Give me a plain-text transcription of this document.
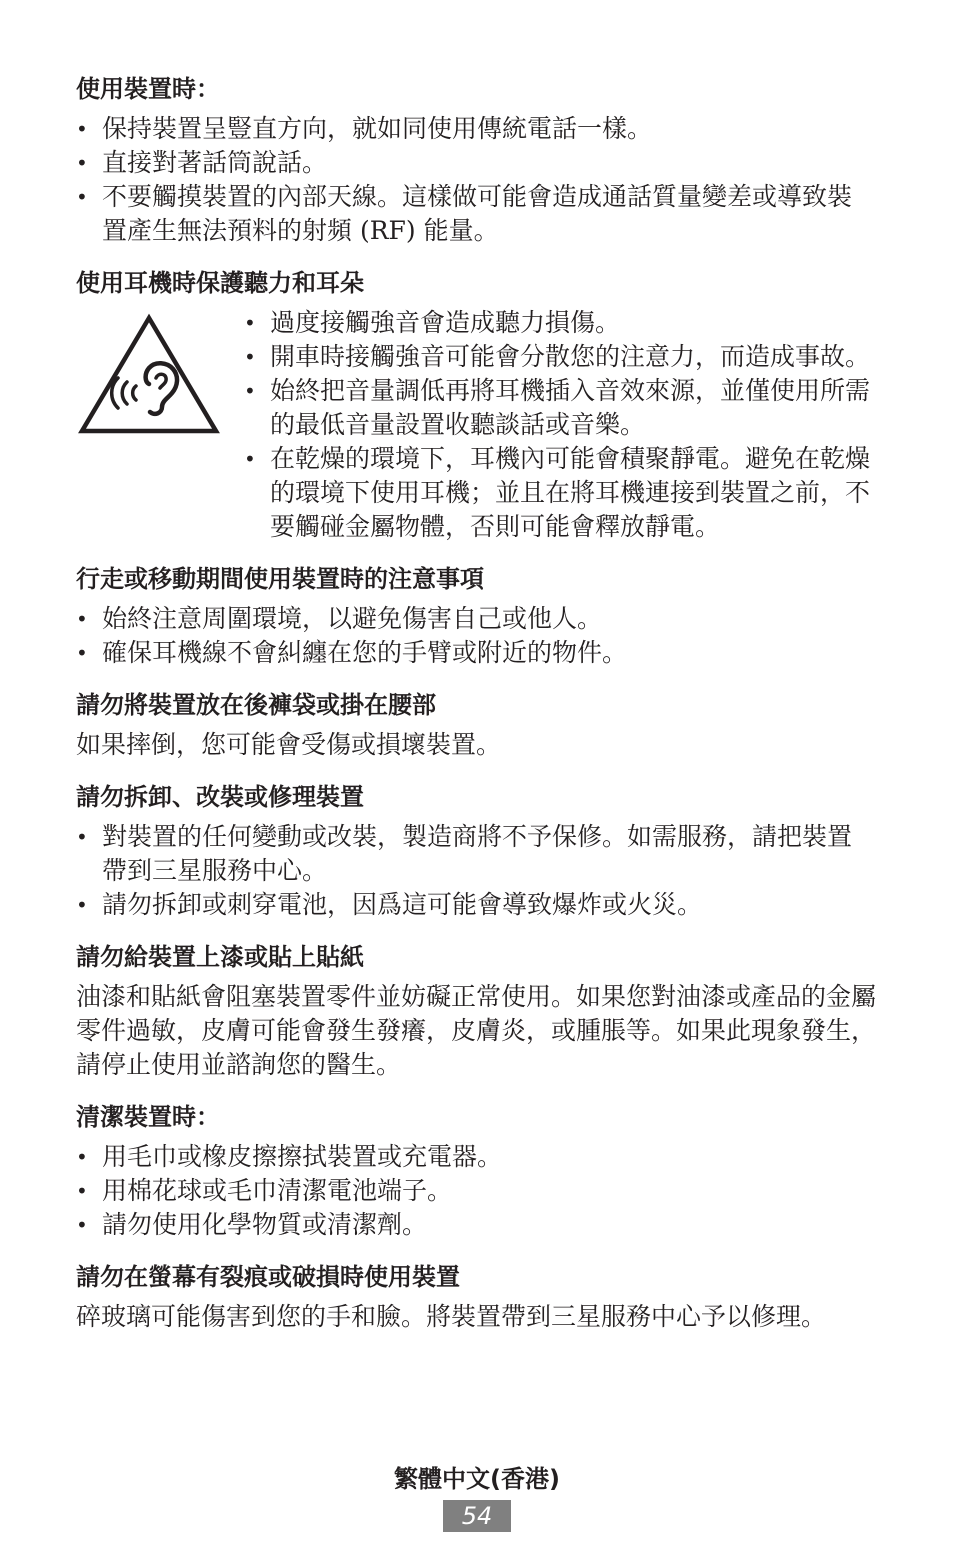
使用裝置時：
• 保持裝置呈豎直方向，就如同使用傳統電話一樣。
• 直接對著話筒說話。
• 不要觸摸裝置的內部天線。這樣做可能會造成通話質量變差或導致裝置產生無法預料的射頻 (RF) 能量。
使用耳機時保護聽力和耳朵
• 過度接觸強音會造成聽力損傷。
• 開車時接觸強音可能會分散您的注意力，而造成事故。
• 始終把音量調低再將耳機插入音效來源，並僅使用所需的最低音量設置收聽談話或音樂。
• 在乾燥的環境下，耳機內可能會積聚靜電。避免在乾燥的環境下使用耳機；並且在將耳機連接到裝置之前，不要觸碰金屬物體，否則可能會釋放靜電。
行走或移動期間使用裝置時的注意事項
• 始終注意周圍環境，以避免傷害自己或他人。
• 確保耳機線不會糾纏在您的手臂或附近的物件。
請勿將裝置放在後褲袋或掛在腰部

如果摔倒，您可能會受傷或損壞裝置。

請勿拆卸、改裝或修理裝置
• 對裝置的任何變動或改裝，製造商將不予保修。如需服務，請把裝置帶到三星服務中心。
• 請勿拆卸或刺穿電池，因爲這可能會導致爆炸或火災。
請勿給裝置上漆或貼上貼紙

油漆和貼紙會阻塞裝置零件並妨礙正常使用。如果您對油漆或產品的金屬零件過敏，皮膚可能會發生發癢，皮膚炎，或腫脹等。如果此現象發生，請停止使用並諮詢您的醫生。

清潔裝置時：
• 用毛巾或橡皮擦擦拭裝置或充電器。
• 用棉花球或毛巾清潔電池端子。
• 請勿使用化學物質或清潔劑。
請勿在螢幕有裂痕或破損時使用裝置

碎玻璃可能傷害到您的手和臉。將裝置帶到三星服務中心予以修理。

繁體中文(香港)
54
